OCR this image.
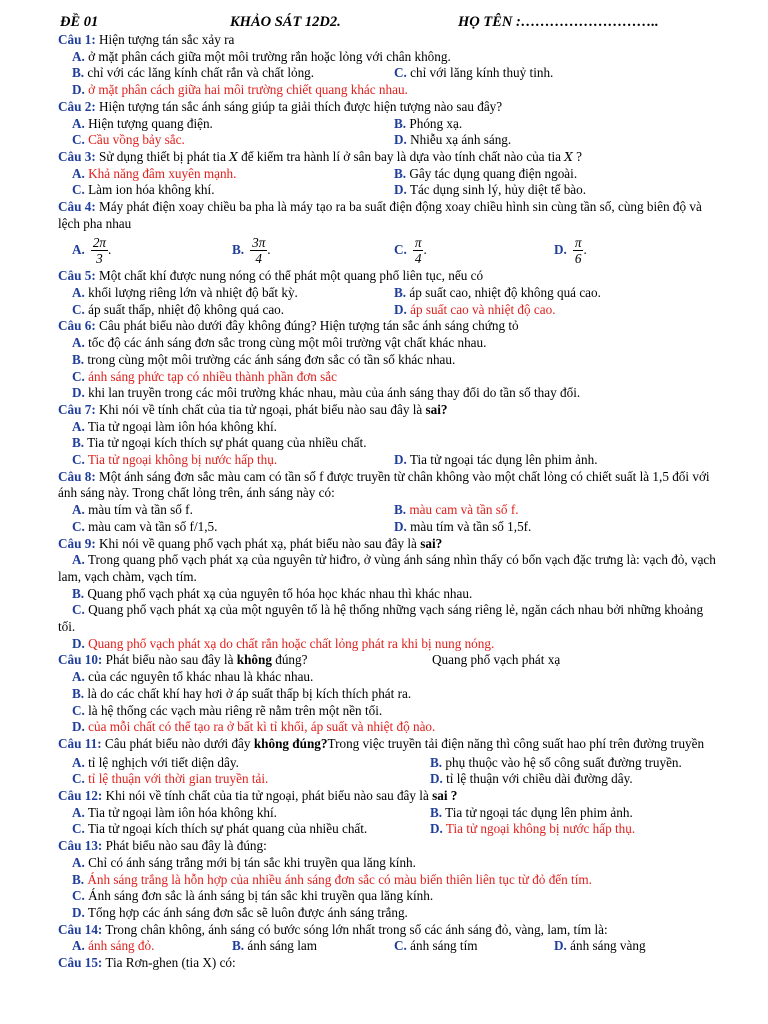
ĐỀ 01	KHẢO SÁT 12D2.	HỌ TÊN :………………………..
Câu 1: Hiện tượng tán sắc xảy ra
A. ở mặt phân cách giữa một môi trường rắn hoặc lỏng với chân không.
B. chỉ với các lăng kính chất rắn và chất lỏng.	C. chỉ với lăng kính thuỷ tinh.
D. ở mặt phân cách giữa hai môi trường chiết quang khác nhau.
Câu 2: Hiện tượng tán sắc ánh sáng giúp ta giải thích được hiện tượng nào sau đây?
A. Hiện tượng quang điện.	B. Phóng xạ.
C. Cầu vồng bảy sắc.	D. Nhiễu xạ ánh sáng.
Câu 3: Sử dụng thiết bị phát tia X để kiểm tra hành lí ở sân bay là dựa vào tính chất nào của tia X ?
A. Khả năng đâm xuyên mạnh.	B. Gây tác dụng quang điện ngoài.
C. Làm ion hóa không khí.	D. Tác dụng sinh lý, hủy diệt tế bào.
Câu 4: Máy phát điện xoay chiều ba pha là máy tạo ra ba suất điện động xoay chiều hình sin cùng tần số, cùng biên độ và lệch pha nhau
A. $\frac{2\pi}{3}$ .	B. $\frac{3\pi}{4}$ .	C. $\frac{\pi}{4}$ .	D. $\frac{\pi}{6}$ .
Câu 5: Một chất khí được nung nóng có thể phát một quang phổ liên tục, nếu có
A. khối lượng riêng lớn và nhiệt độ bất kỳ.	B. áp suất cao, nhiệt độ không quá cao.
C. áp suất thấp, nhiệt độ không quá cao.	D. áp suất cao và nhiệt độ cao.
Câu 6: Câu phát biểu nào dưới đây không đúng? Hiện tượng tán sắc ánh sáng chứng tỏ
A. tốc độ các ánh sáng đơn sắc trong cùng một môi trường vật chất khác nhau.
B. trong cùng một môi trường các ánh sáng đơn sắc có tần số khác nhau.
C. ánh sáng phức tạp có nhiều thành phần đơn sắc
D. khi lan truyền trong các môi trường khác nhau, màu của ánh sáng thay đổi do tần số thay đổi.
Câu 7: Khi nói về tính chất của tia tử ngoại, phát biểu nào sau đây là sai?
A. Tia tử ngoại làm iôn hóa không khí.
B. Tia tử ngoại kích thích sự phát quang của nhiều chất.
C. Tia tử ngoại không bị nước hấp thụ.	D. Tia tử ngoại tác dụng lên phim ảnh.
Câu 8: Một ánh sáng đơn sắc màu cam có tần số f được truyền từ chân không vào một chất lỏng có chiết suất là 1,5 đối với ánh sáng này. Trong chất lỏng trên, ánh sáng này có:
A. màu tím và tần số f.	B. màu cam và tần số f.
C. màu cam và tần số f/1,5.	D. màu tím và tần số 1,5f.
Câu 9: Khi nói về quang phổ vạch phát xạ, phát biểu nào sau đây là sai?
A. Trong quang phổ vạch phát xạ của nguyên tử hiđro, ở vùng ánh sáng nhìn thấy có bốn vạch đặc trưng là: vạch đỏ, vạch lam, vạch chàm, vạch tím.
B. Quang phổ vạch phát xạ của nguyên tố hóa học khác nhau thì khác nhau.
C. Quang phổ vạch phát xạ của một nguyên tố là hệ thống những vạch sáng riêng lẻ, ngăn cách nhau bởi những khoảng tối.
D. Quang phổ vạch phát xạ do chất rắn hoặc chất lỏng phát ra khi bị nung nóng.
Câu 10: Phát biểu nào sau đây là không đúng?	Quang phổ vạch phát xạ
A. của các nguyên tố khác nhau là khác nhau.
B. là do các chất khí hay hơi ở áp suất thấp bị kích thích phát ra.
C. là hệ thống các vạch màu riêng rẽ nằm trên một nền tối.
D. của mỗi chất có thể tạo ra ở bất kì tỉ khối, áp suất và nhiệt độ nào.
Câu 11: Câu phát biểu nào dưới đây không đúng?Trong việc truyền tải điện năng thì công suất hao phí trên đường truyền
A. tỉ lệ nghịch với tiết diện dây.	B. phụ thuộc vào hệ số công suất đường truyền.
C. tỉ lệ thuận với thời gian truyền tải.	D. tỉ lệ thuận với chiều dài đường dây.
Câu 12: Khi nói về tính chất của tia tử ngoại, phát biểu nào sau đây là sai ?
A. Tia tử ngoại làm iôn hóa không khí.	B. Tia tử ngoại tác dụng lên phim ảnh.
C. Tia tử ngoại kích thích sự phát quang của nhiều chất.	D. Tia tử ngoại không bị nước hấp thụ.
Câu 13: Phát biểu nào sau đây là đúng:
A. Chỉ có ánh sáng trắng mới bị tán sắc khi truyền qua lăng kính.
B. Ánh sáng trắng là hỗn hợp của nhiều ánh sáng đơn sắc có màu biến thiên liên tục từ đỏ đến tím.
C. Ánh sáng đơn sắc là ánh sáng bị tán sắc khi truyền qua lăng kính.
D. Tổng hợp các ánh sáng đơn sắc sẽ luôn được ánh sáng trắng.
Câu 14: Trong chân không, ánh sáng có bước sóng lớn nhất trong số các ánh sáng đỏ, vàng, lam, tím là:
A. ánh sáng đỏ.	B. ánh sáng lam	C. ánh sáng tím	D. ánh sáng vàng
Câu 15: Tia Rơn-ghen (tia X) có:
